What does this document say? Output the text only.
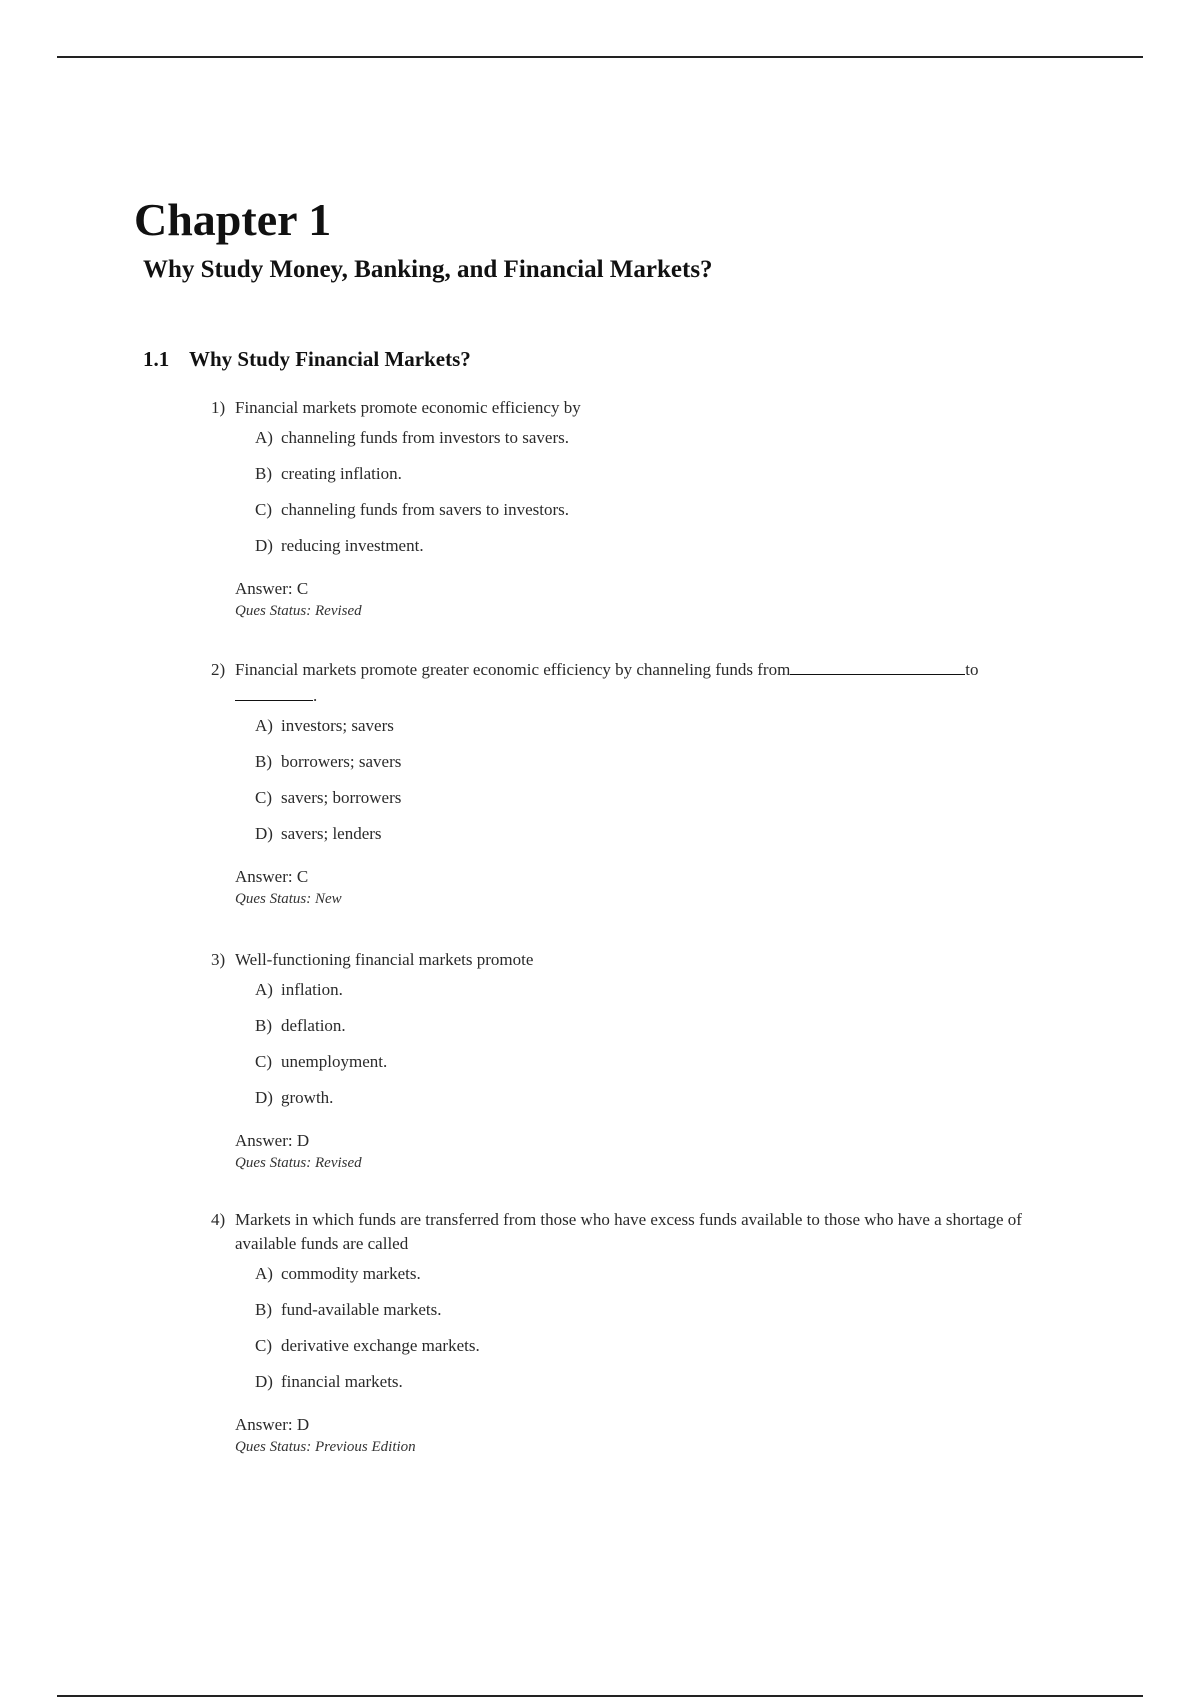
Chapter 1
Why Study Money, Banking, and Financial Markets?
1.1 Why Study Financial Markets?
1) Financial markets promote economic efficiency by
A) channeling funds from investors to savers.
B) creating inflation.
C) channeling funds from savers to investors.
D) reducing investment.
Answer: C
Ques Status: Revised
2) Financial markets promote greater economic efficiency by channeling funds from	to
.
A) investors; savers
B) borrowers; savers
C) savers; borrowers
D) savers; lenders
Answer: C
Ques Status: New
3) Well-functioning financial markets promote
A) inflation.
B) deflation.
C) unemployment.
D) growth.
Answer: D
Ques Status: Revised
4) Markets in which funds are transferred from those who have excess funds available to those who have a shortage of available funds are called
A) commodity markets.
B) fund-available markets.
C) derivative exchange markets.
D) financial markets.
Answer: D
Ques Status: Previous Edition
